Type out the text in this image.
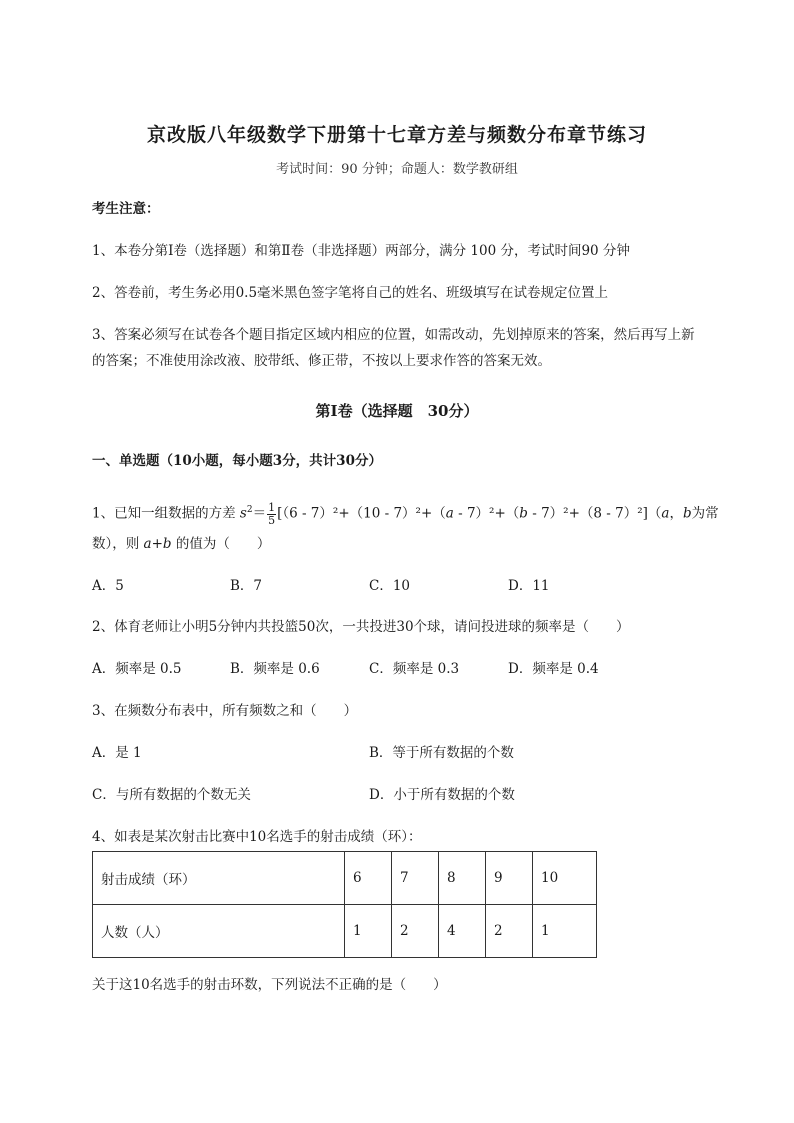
京改版八年级数学下册第十七章方差与频数分布章节练习
考试时间：90 分钟；命题人：数学教研组
考生注意：
1、本卷分第Ⅰ卷（选择题）和第Ⅱ卷（非选择题）两部分，满分 100 分，考试时间90 分钟
2、答卷前，考生务必用0.5毫米黑色签字笔将自己的姓名、班级填写在试卷规定位置上
3、答案必须写在试卷各个题目指定区域内相应的位置，如需改动，先划掉原来的答案，然后再写上新
的答案；不准使用涂改液、胶带纸、修正带，不按以上要求作答的答案无效。
第Ⅰ卷（选择题　30分）
一、单选题（10小题，每小题3分，共计30分）
1、已知一组数据的方差 $s^2= \frac{1}{5} [(6 - 7)^2+(10 - 7)^2+(a - 7)^2+(b - 7)^2+(8 - 7)^2](a$，b为常
数），则 a+b 的值为（　　）
A．5	B．7	C．10	D．11
2、体育老师让小明5分钟内共投篮50次，一共投进30个球，请问投进球的频率是（　　）
A．频率是 0.5	B．频率是 0.6	C．频率是 0.3	D．频率是 0.4
3、在频数分布表中，所有频数之和（　　）
A．是 1	B．等于所有数据的个数
C．与所有数据的个数无关	D．小于所有数据的个数
4、如表是某次射击比赛中10名选手的射击成绩（环）：
射击成绩（环）	6	7	8	9	10
人数（人）	1	2	4	2	1
关于这10名选手的射击环数，下列说法不正确的是（　　）
